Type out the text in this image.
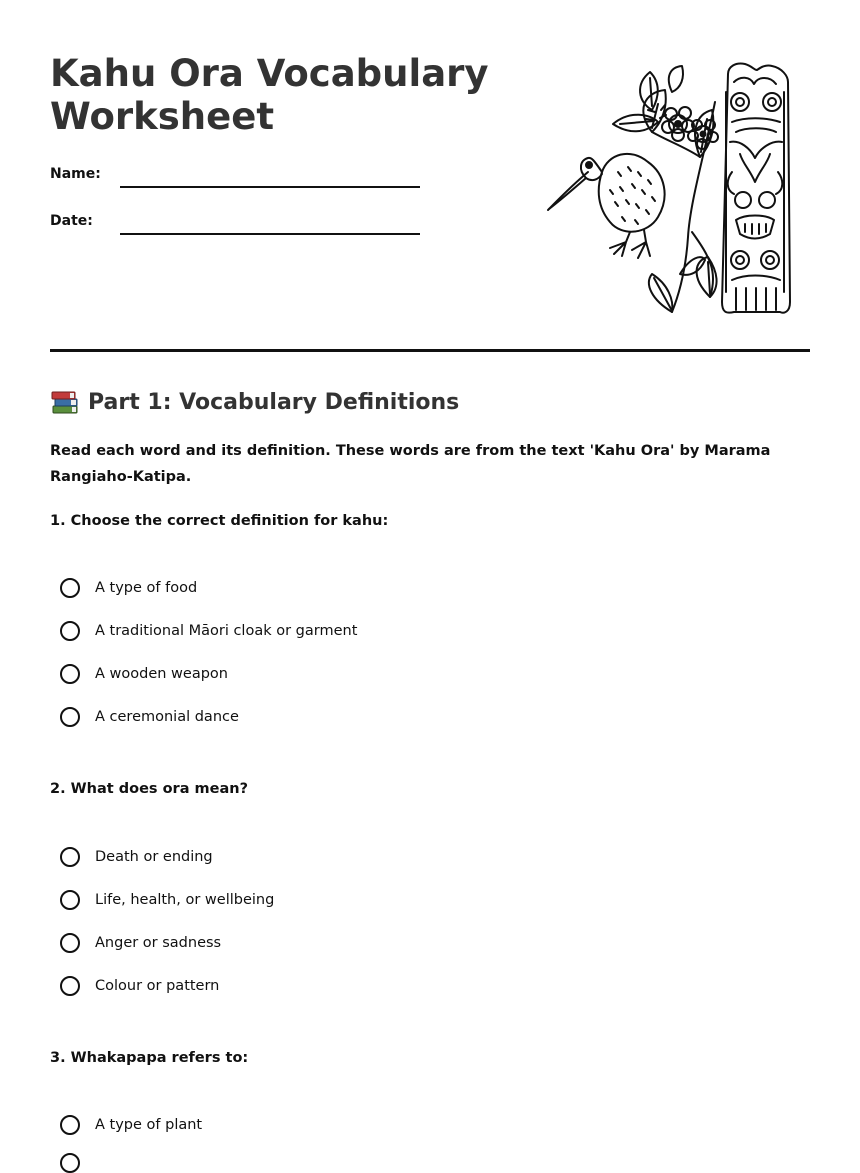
Kahu Ora Vocabulary Worksheet
Name:
Date:
Part 1: Vocabulary Definitions
Read each word and its definition. These words are from the text 'Kahu Ora' by Marama Rangiaho-Katipa.
1. Choose the correct definition for kahu:
A type of food
A traditional Māori cloak or garment
A wooden weapon
A ceremonial dance
2. What does ora mean?
Death or ending
Life, health, or wellbeing
Anger or sadness
Colour or pattern
3. Whakapapa refers to:
A type of plant
